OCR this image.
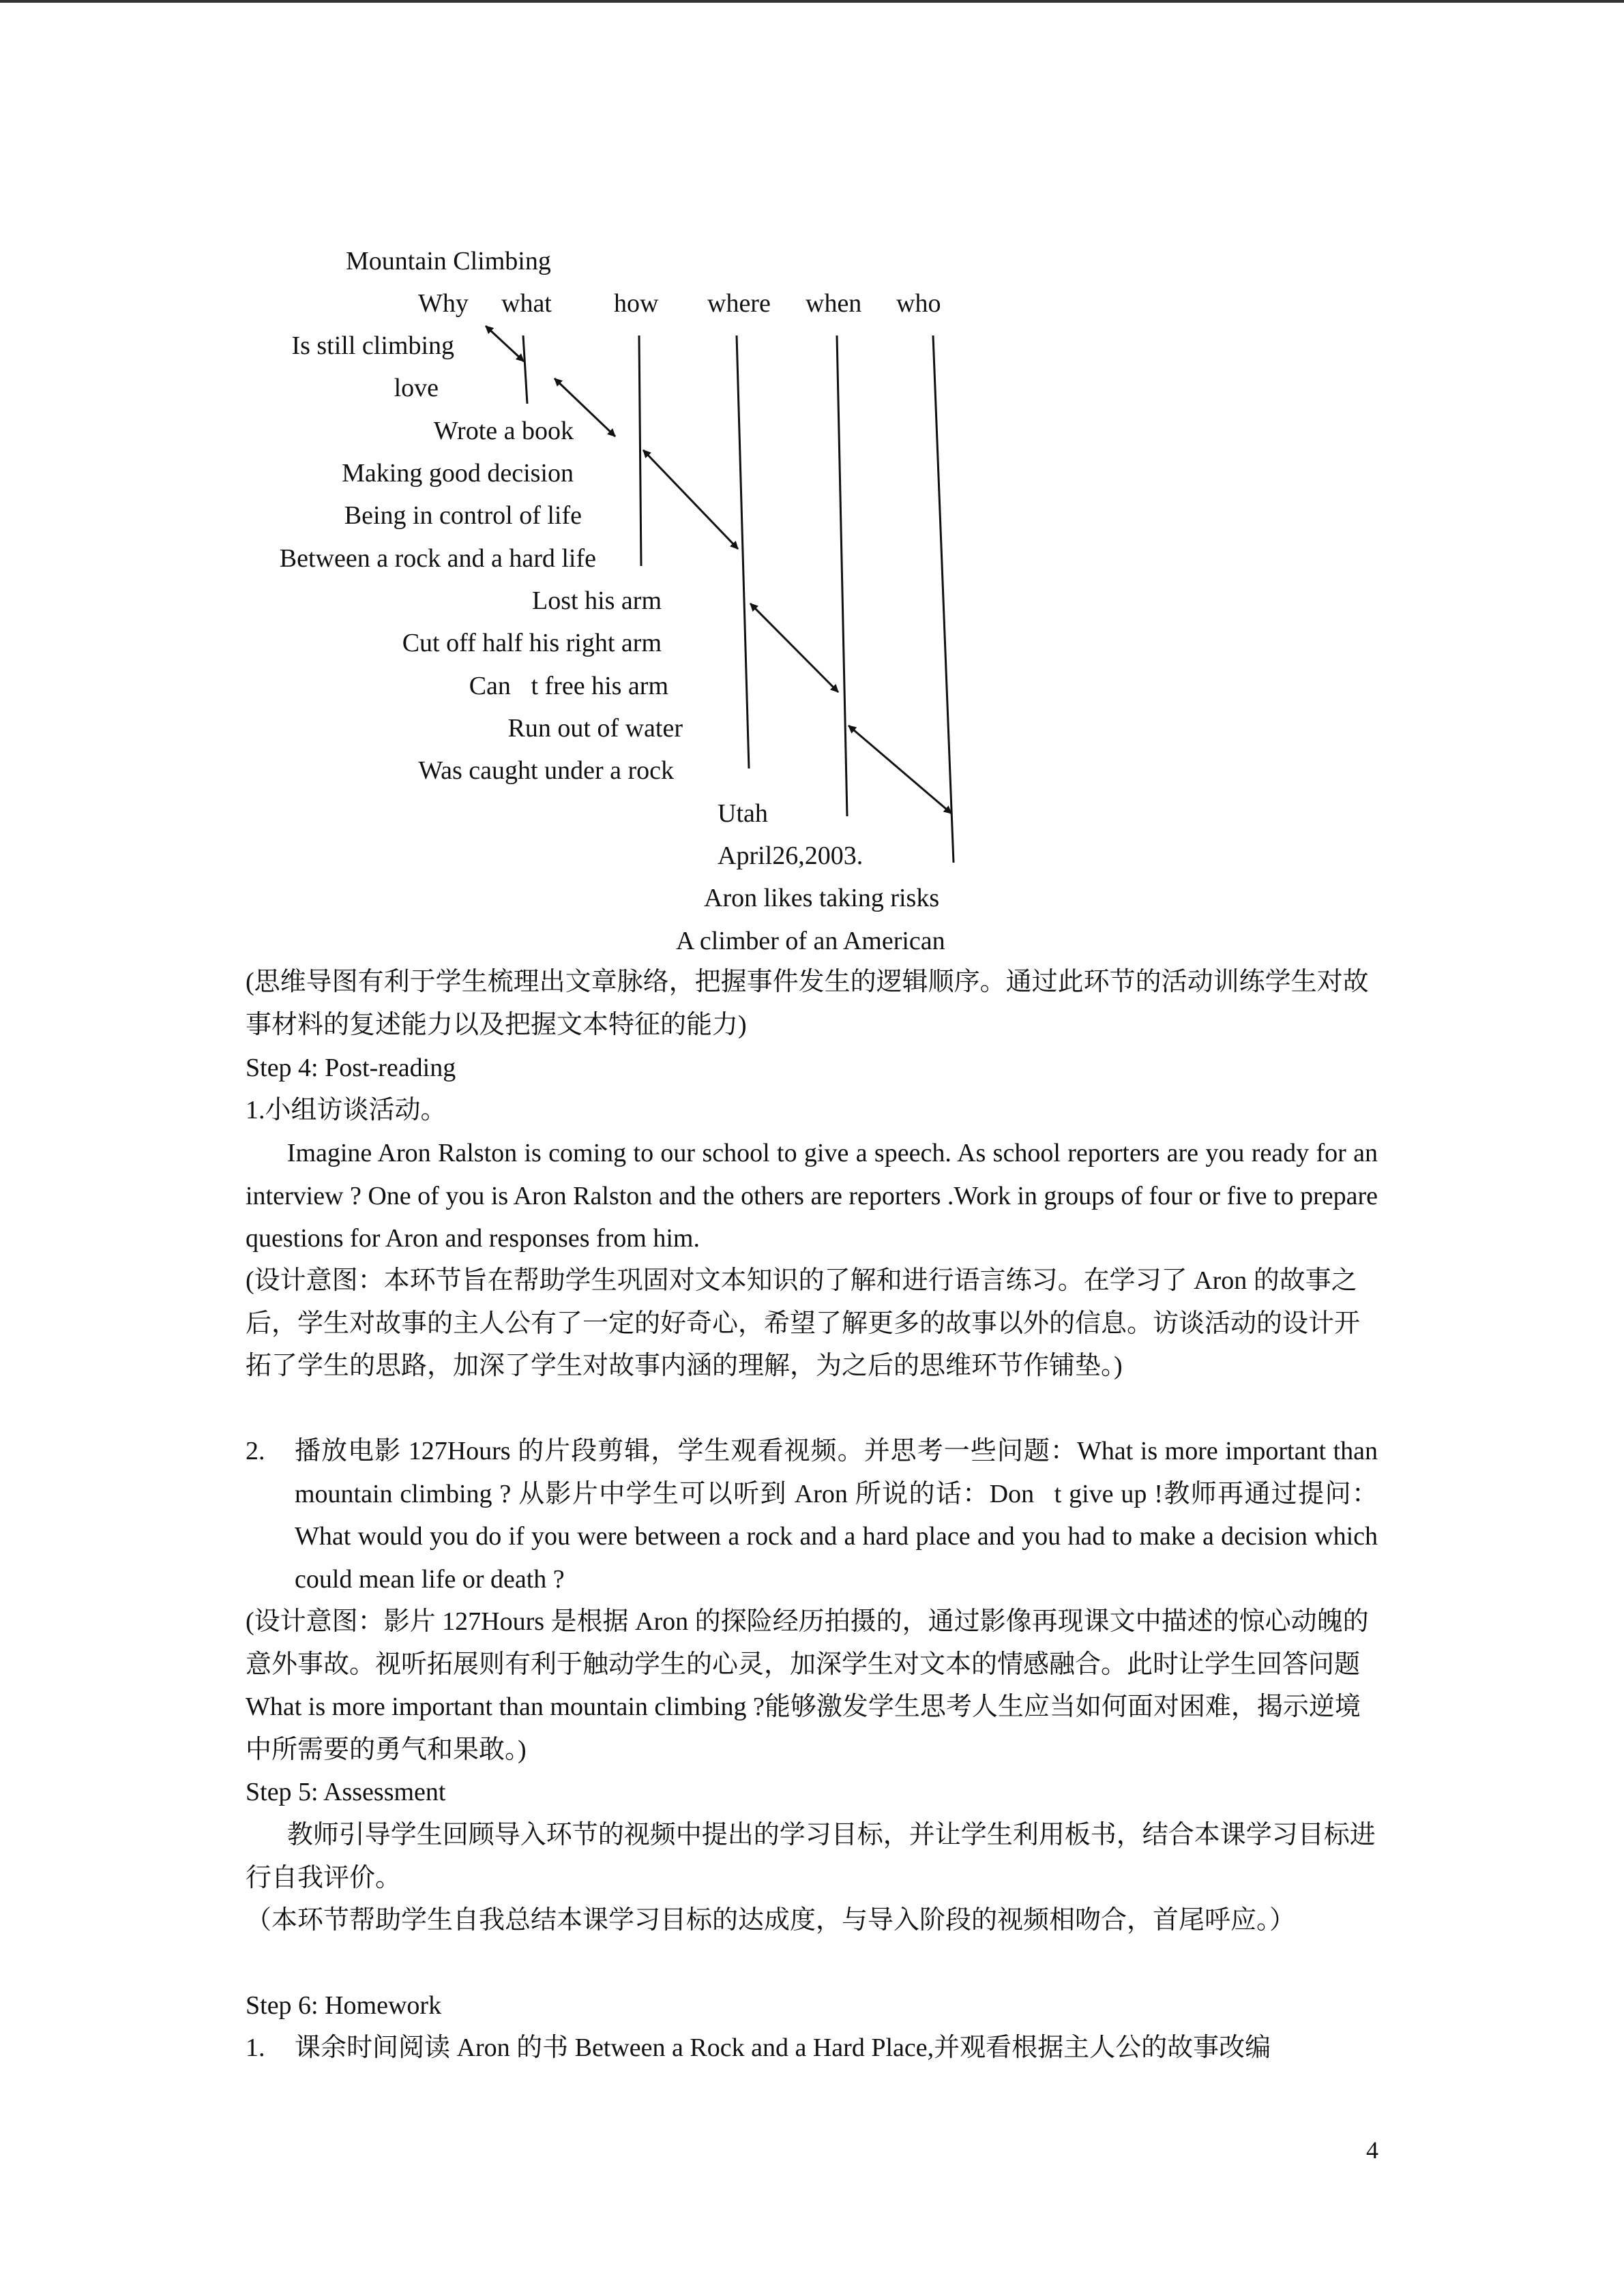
Mountain Climbing
Why what how where when who
Is still climbing
love
Wrote a book
Making good decision
Being in control of life
Between a rock and a hard life
Lost his arm
Cut off half his right arm
Can t free his arm
Run out of water
Was caught under a rock
Utah
April26,2003.
Aron likes taking risks
A climber of an American
(思维导图有利于学生梳理出文章脉络，把握事件发生的逻辑顺序。通过此环节的活动训练学生对故事材料的复述能力以及把握文本特征的能力)
Step 4: Post-reading
1.小组访谈活动。
Imagine Aron Ralston is coming to our school to give a speech. As school reporters are you ready for an interview ? One of you is Aron Ralston and the others are reporters .Work in groups of four or five to prepare questions for Aron and responses from him.
(设计意图：本环节旨在帮助学生巩固对文本知识的了解和进行语言练习。在学习了 Aron 的故事之后，学生对故事的主人公有了一定的好奇心，希望了解更多的故事以外的信息。访谈活动的设计开拓了学生的思路，加深了学生对故事内涵的理解，为之后的思维环节作铺垫。)
2. 播放电影 127Hours 的片段剪辑，学生观看视频。并思考一些问题：What is more important than mountain climbing ? 从影片中学生可以听到 Aron 所说的话：Don t give up !教师再通过提问：What would you do if you were between a rock and a hard place and you had to make a decision which could mean life or death ?
(设计意图：影片 127Hours 是根据 Aron 的探险经历拍摄的，通过影像再现课文中描述的惊心动魄的意外事故。视听拓展则有利于触动学生的心灵，加深学生对文本的情感融合。此时让学生回答问题 What is more important than mountain climbing ?能够激发学生思考人生应当如何面对困难，揭示逆境中所需要的勇气和果敢。)
Step 5: Assessment
教师引导学生回顾导入环节的视频中提出的学习目标，并让学生利用板书，结合本课学习目标进行自我评价。
（本环节帮助学生自我总结本课学习目标的达成度，与导入阶段的视频相吻合，首尾呼应。）
Step 6: Homework
1. 课余时间阅读 Aron 的书 Between a Rock and a Hard Place,并观看根据主人公的故事改编
4
